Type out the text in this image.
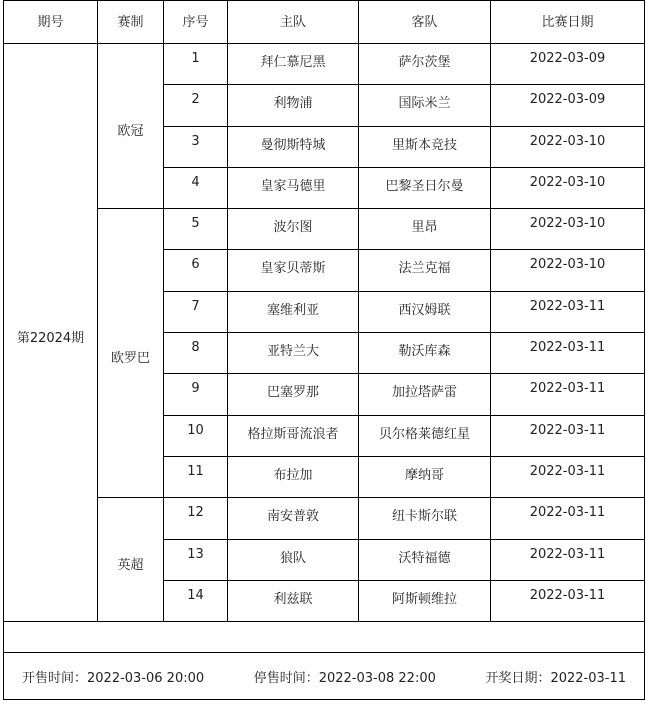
期号	赛制	序号	主队	客队	比赛日期
第22024期	欧冠	1	拜仁慕尼黑	萨尔茨堡	2022-03-09
		2	利物浦	国际米兰	2022-03-09
		3	曼彻斯特城	里斯本竞技	2022-03-10
		4	皇家马德里	巴黎圣日尔曼	2022-03-10
	欧罗巴	5	波尔图	里昂	2022-03-10
		6	皇家贝蒂斯	法兰克福	2022-03-10
		7	塞维利亚	西汉姆联	2022-03-11
		8	亚特兰大	勒沃库森	2022-03-11
		9	巴塞罗那	加拉塔萨雷	2022-03-11
		10	格拉斯哥流浪者	贝尔格莱德红星	2022-03-11
		11	布拉加	摩纳哥	2022-03-11
	英超	12	南安普敦	纽卡斯尔联	2022-03-11
		13	狼队	沃特福德	2022-03-11
		14	利兹联	阿斯顿维拉	2022-03-11

开售时间：2022-03-06 20:00 停售时间：2022-03-08 22:00 开奖日期：2022-03-11					
